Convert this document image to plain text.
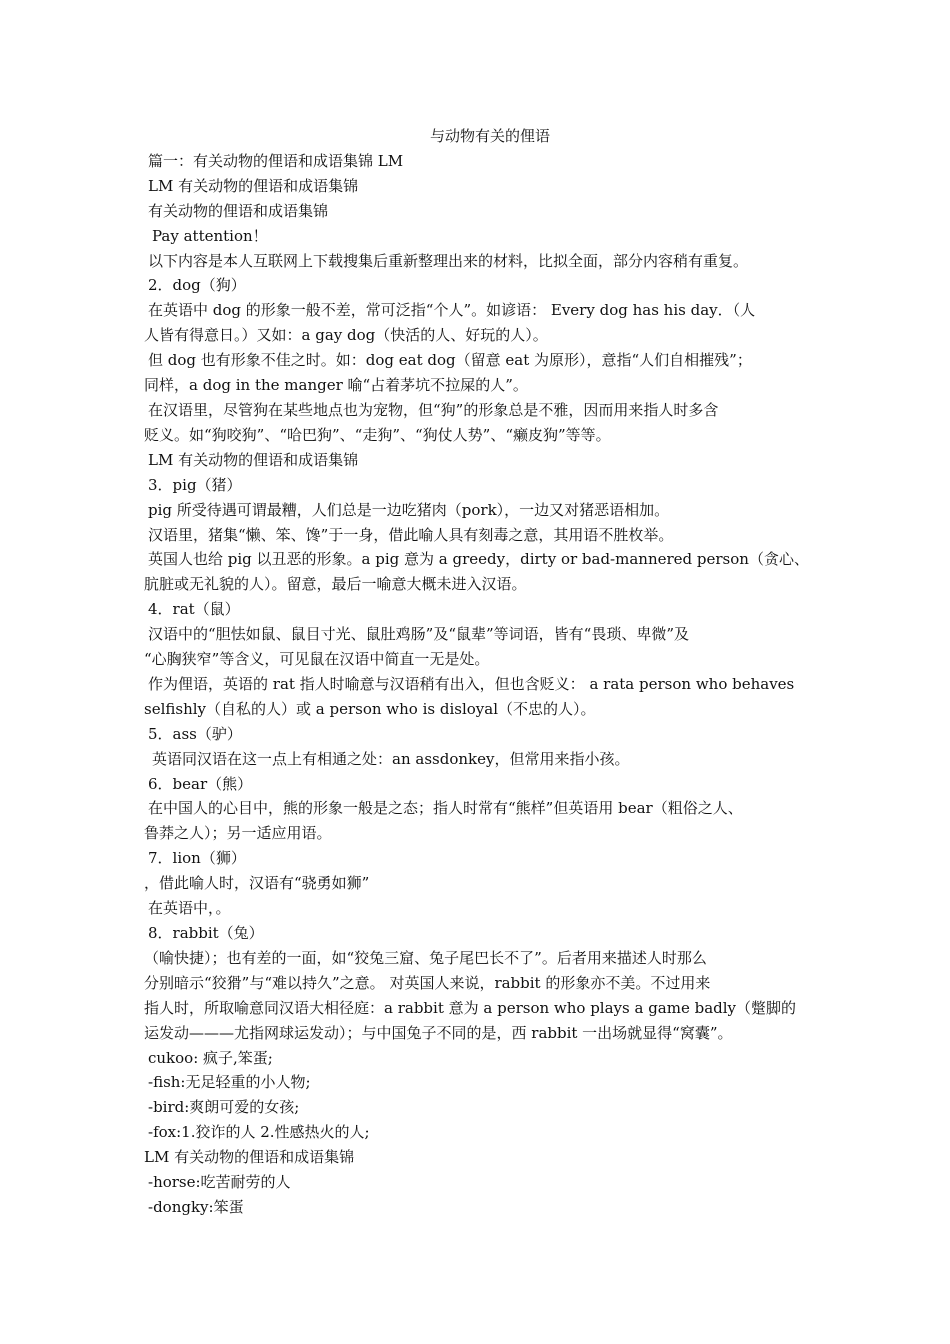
与动物有关的俚语

篇一：有关动物的俚语和成语集锦 LM

LM 有关动物的俚语和成语集锦

有关动物的俚语和成语集锦

Pay attention！

以下内容是本人互联网上下载搜集后重新整理出来的材料，比拟全面，部分内容稍有重复。

2．dog（狗）

在英语中 dog 的形象一般不差，常可泛指“个人”。如谚语： Every dog has his day．（人

人皆有得意日。）又如：a gay dog（快活的人、好玩的人）。

但 dog 也有形象不佳之时。如：dog eat dog（留意 eat 为原形），意指“人们自相摧残”；

同样，a dog in the manger 喻“占着茅坑不拉屎的人”。

在汉语里，尽管狗在某些地点也为宠物，但“狗”的形象总是不雅，因而用来指人时多含

贬义。如“狗咬狗”、“哈巴狗”、“走狗”、“狗仗人势”、“癞皮狗”等等。

LM 有关动物的俚语和成语集锦

3．pig（猪）

pig 所受待遇可谓最糟，人们总是一边吃猪肉（pork），一边又对猪恶语相加。

汉语里，猪集“懒、笨、馋”于一身，借此喻人具有刻毒之意，其用语不胜枚举。

英国人也给 pig 以丑恶的形象。a pig 意为 a greedy，dirty or bad-mannered person（贪心、

肮脏或无礼貌的人）。留意，最后一喻意大概未进入汉语。

4．rat（鼠）

汉语中的“胆怯如鼠、鼠目寸光、鼠肚鸡肠”及“鼠辈”等词语，皆有“畏琐、卑微”及

“心胸狭窄”等含义，可见鼠在汉语中简直一无是处。

作为俚语，英语的 rat 指人时喻意与汉语稍有出入，但也含贬义： a rata person who behaves

selfishly（自私的人）或 a person who is disloyal（不忠的人）。

5．ass（驴）

英语同汉语在这一点上有相通之处：an assdonkey，但常用来指小孩。

6．bear（熊）

在中国人的心目中，熊的形象一般是之态；指人时常有“熊样”但英语用 bear（粗俗之人、

鲁莽之人）；另一适应用语。

7．lion（狮）

，借此喻人时，汉语有“骁勇如狮”

在英语中，。

8．rabbit（兔）

（喻快捷）；也有差的一面，如“狡兔三窟、兔子尾巴长不了”。后者用来描述人时那么

分别暗示“狡猾”与“难以持久”之意。 对英国人来说，rabbit 的形象亦不美。不过用来

指人时，所取喻意同汉语大相径庭：a rabbit 意为 a person who plays a game badly（蹩脚的

运发动———尤指网球运发动）；与中国兔子不同的是，西 rabbit 一出场就显得“窝囊”。

cukoo: 疯子,笨蛋;

-fish:无足轻重的小人物;

-bird:爽朗可爱的女孩;

-fox:1.狡诈的人 2.性感热火的人;

LM 有关动物的俚语和成语集锦

-horse:吃苦耐劳的人

-dongky:笨蛋
